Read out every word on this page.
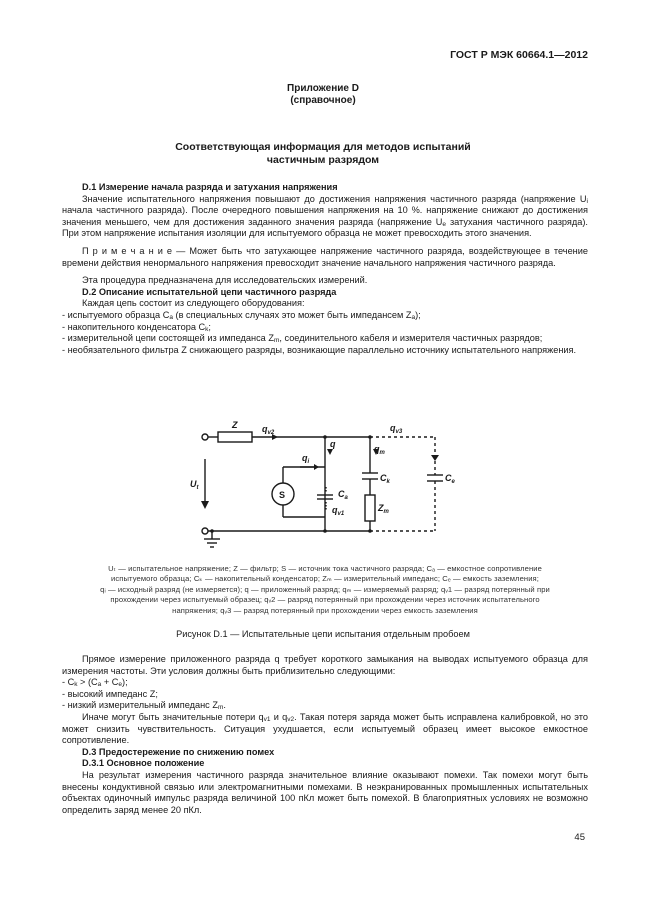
ГОСТ Р МЭК 60664.1—2012
Приложение D
(справочное)
Соответствующая информация для методов испытаний
частичным разрядом

D.1 Измерение начала разряда и затухания напряжения

Значение испытательного напряжения повышают до достижения напряжения частичного разряда (напряжение $U_i$ начала частичного разряда). После очередного повышения напряжения на 10 %. напряжение снижают до достижения значения меньшего, чем для достижения заданного значения разряда (напряжение $U_e$ затухания частичного разряда). При этом напряжение испытания изоляции для испытуемого образца не может превосходить этого значения.

П р и м е ч а н и е — Может быть что затухающее напряжение частичного разряда, воздействующее в течение времени действия ненормального напряжения превосходит значение начального напряжения частичного разряда.

Эта процедура предназначена для исследовательских измерений.

D.2 Описание испытательной цепи частичного разряда

Каждая цепь состоит из следующего оборудования:

- испытуемого образца $C_a$ (в специальных случаях это может быть импедансем $Z_a$);

- накопительного конденсатора $C_k$;

- измерительной цепи состоящей из импеданса $Z_m$, соединительного кабеля и измерителя частичных разрядов;

- необязательного фильтра Z снижающего разряды, возникающие параллельно источнику испытательного напряжения.

Z	$q_{v2}$
q
$q_{v3}$
$q_i$
$q_m$
$C_k$
$C_a$
$C_e$
$q_{v1}$
$Z_m$
$U_t$
S
Uₜ — испытательное напряжение; Z — фильтр; S — источник тока частичного разряда; Cₐ — емкостное сопротивление
испытуемого образца; Cₖ — накопительный конденсатор; Zₘ — измерительный импеданс; Cₑ — емкость заземления;
qᵢ — исходный разряд (не измеряется); q — приложенный разряд; qₘ — измеряемый разряд; qᵥ1 — разряд потерянный при
прохождении через испытуемый образец; qᵥ2 — разряд потерянный при прохождении через источник испытательного
напряжения; qᵥ3 — разряд потерянный при прохождении через емкость заземления
Рисунок D.1 — Испытательные цепи испытания отдельным пробоем

Прямое измерение приложенного разряда q требует короткого замыкания на выводах испытуемого образца для измерения частоты. Эти условия должны быть приблизительно следующими:

- $C_k > (C_a + C_e)$;

- высокий импеданс Z;

- низкий измерительный импеданс $Z_m$.

Иначе могут быть значительные потери $q_{v1}$ и $q_{v2}$. Такая потеря заряда может быть исправлена калибровкой, но это может снизить чувствительность. Ситуация ухудшается, если испытуемый образец имеет высокое емкостное сопротивление.

D.3 Предостережение по снижению помех

D.3.1 Основное положение

На результат измерения частичного разряда значительное влияние оказывают помехи. Так помехи могут быть внесены кондуктивной связью или электромагнитными помехами. В неэкранированных промышленных испытательных объектах одиночный импульс разряда величиной 100 пКл может быть помехой. В благоприятных условиях не возможно определить заряд менее 20 пКл.

45
